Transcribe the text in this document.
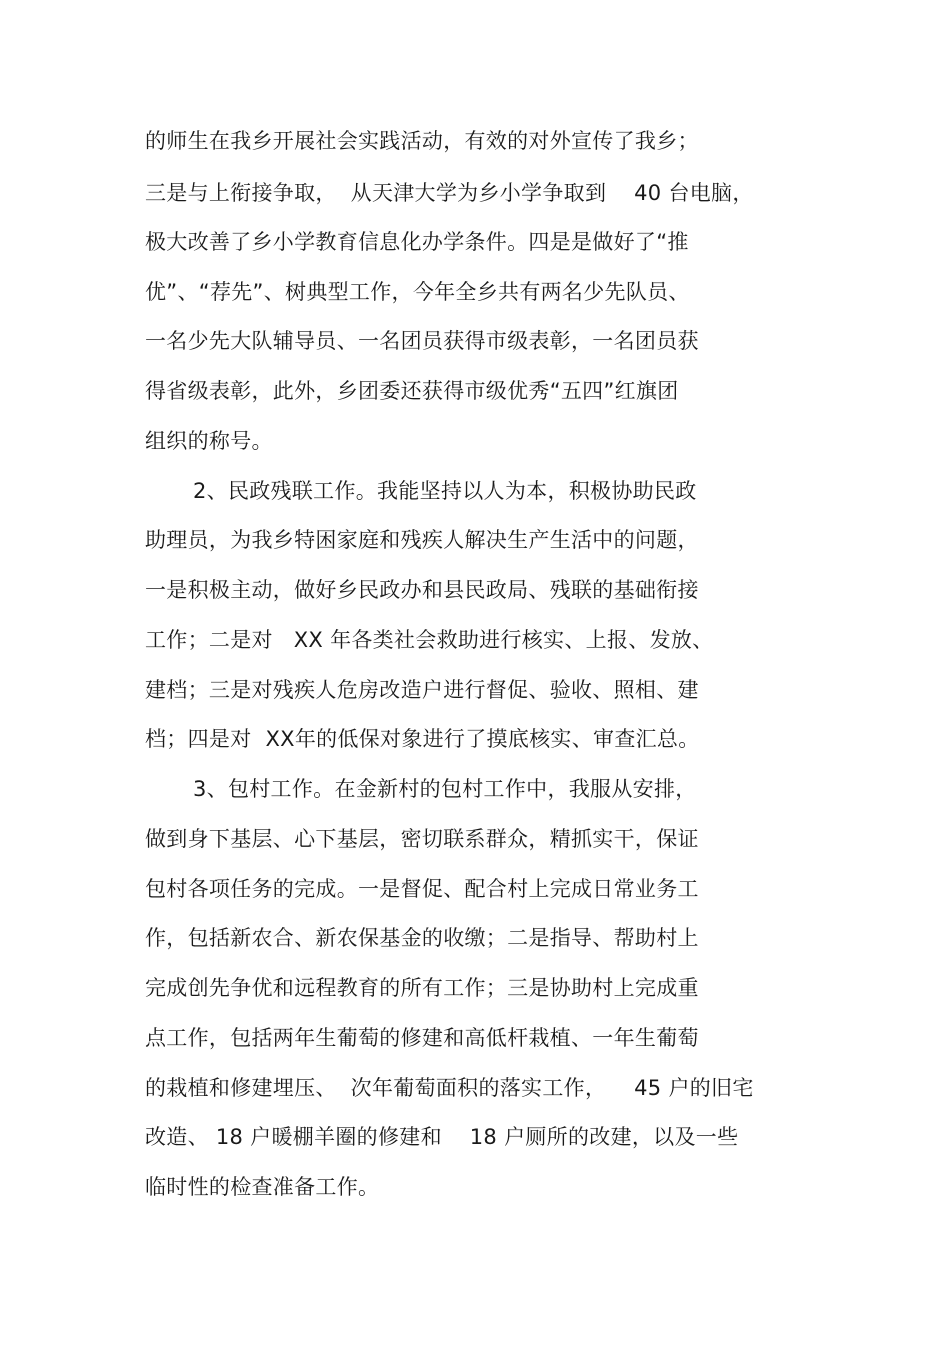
的师生在我乡开展社会实践活动，有效的对外宣传了我乡；

三是与上衔接争取，  从天津大学为乡小学争取到    40 台电脑，

极大改善了乡小学教育信息化办学条件。四是是做好了“推

优”、“荐先”、树典型工作，今年全乡共有两名少先队员、

一名少先大队辅导员、一名团员获得市级表彰，一名团员获

得省级表彰，此外，乡团委还获得市级优秀“五四”红旗团

组织的称号。

2、民政残联工作。我能坚持以人为本，积极协助民政

助理员，为我乡特困家庭和残疾人解决生产生活中的问题，

一是积极主动，做好乡民政办和县民政局、残联的基础衔接

工作；二是对   XX 年各类社会救助进行核实、上报、发放、

建档；三是对残疾人危房改造户进行督促、验收、照相、建

档；四是对  XX年的低保对象进行了摸底核实、审查汇总。

3、包村工作。在金新村的包村工作中，我服从安排，

做到身下基层、心下基层，密切联系群众，精抓实干，保证

包村各项任务的完成。一是督促、配合村上完成日常业务工

作，包括新农合、新农保基金的收缴；二是指导、帮助村上

完成创先争优和远程教育的所有工作；三是协助村上完成重

点工作，包括两年生葡萄的修建和高低杆栽植、一年生葡萄

的栽植和修建埋压、  次年葡萄面积的落实工作，    45 户的旧宅

改造、 18 户暖棚羊圈的修建和    18 户厕所的改建，以及一些

临时性的检查准备工作。
